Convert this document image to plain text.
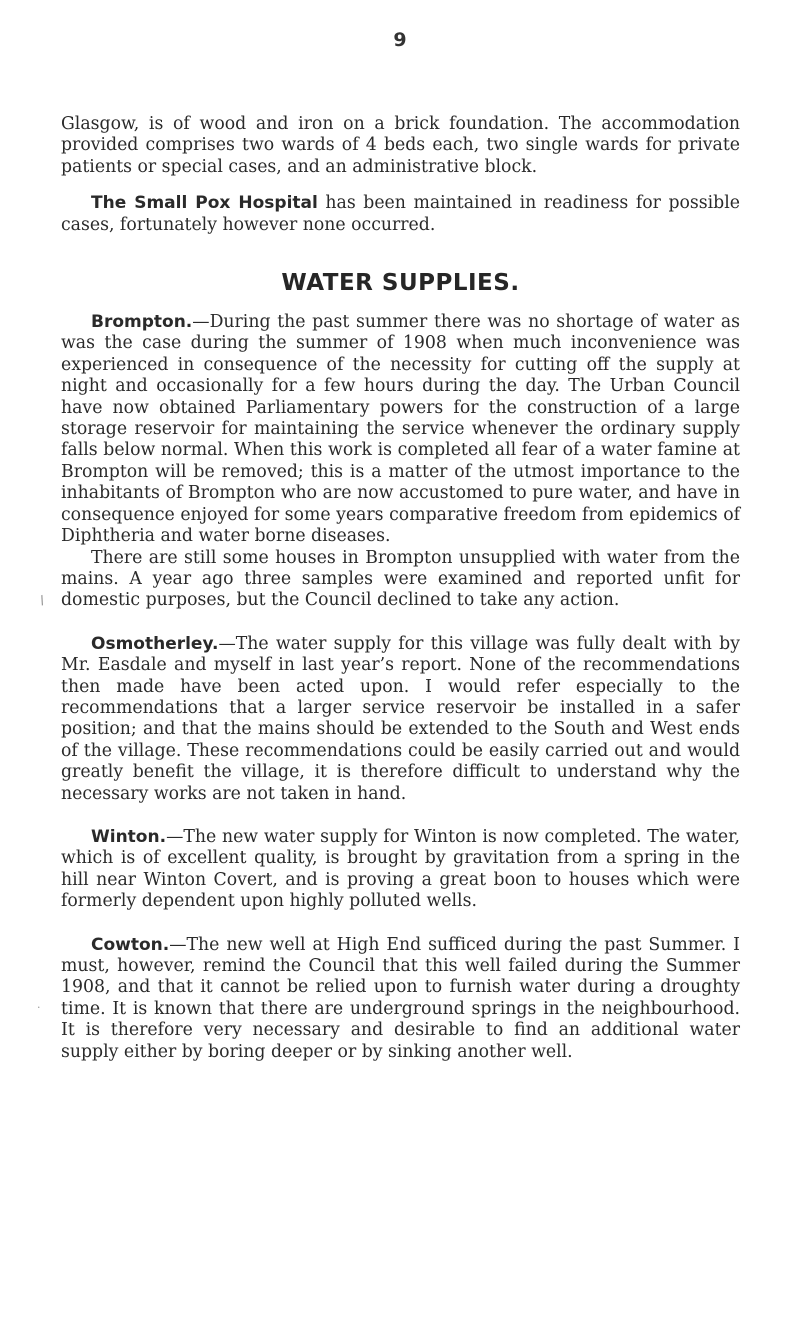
9
/
·

Glasgow, is of wood and iron on a brick foundation. The accommodation provided comprises two wards of 4 beds each, two single wards for private patients or special cases, and an administrative block.

The Small Pox Hospital has been maintained in readiness for possible cases, fortunately however none occurred.

WATER SUPPLIES.

Brompton.—During the past summer there was no shortage of water as was the case during the summer of 1908 when much inconvenience was experienced in consequence of the necessity for cutting off the supply at night and occasionally for a few hours during the day. The Urban Council have now obtained Parliamentary powers for the construction of a large storage reservoir for maintaining the service whenever the ordinary supply falls below normal. When this work is completed all fear of a water famine at Brompton will be removed; this is a matter of the utmost importance to the inhabitants of Brompton who are now accustomed to pure water, and have in consequence enjoyed for some years comparative freedom from epidemics of Diphtheria and water borne diseases.

There are still some houses in Brompton unsupplied with water from the mains. A year ago three samples were examined and reported unfit for domestic purposes, but the Council declined to take any action.

Osmotherley.—The water supply for this village was fully dealt with by Mr. Easdale and myself in last year’s report. None of the recommendations then made have been acted upon. I would refer especially to the recommendations that a larger service reservoir be installed in a safer position; and that the mains should be extended to the South and West ends of the village. These recommendations could be easily carried out and would greatly benefit the village, it is therefore difficult to understand why the necessary works are not taken in hand.

Winton.—The new water supply for Winton is now completed. The water, which is of excellent quality, is brought by gravitation from a spring in the hill near Winton Covert, and is proving a great boon to houses which were formerly dependent upon highly polluted wells.

Cowton.—The new well at High End sufficed during the past Summer. I must, however, remind the Council that this well failed during the Summer 1908, and that it cannot be relied upon to furnish water during a droughty time. It is known that there are underground springs in the neighbourhood. It is therefore very necessary and desirable to find an additional water supply either by boring deeper or by sinking another well.
